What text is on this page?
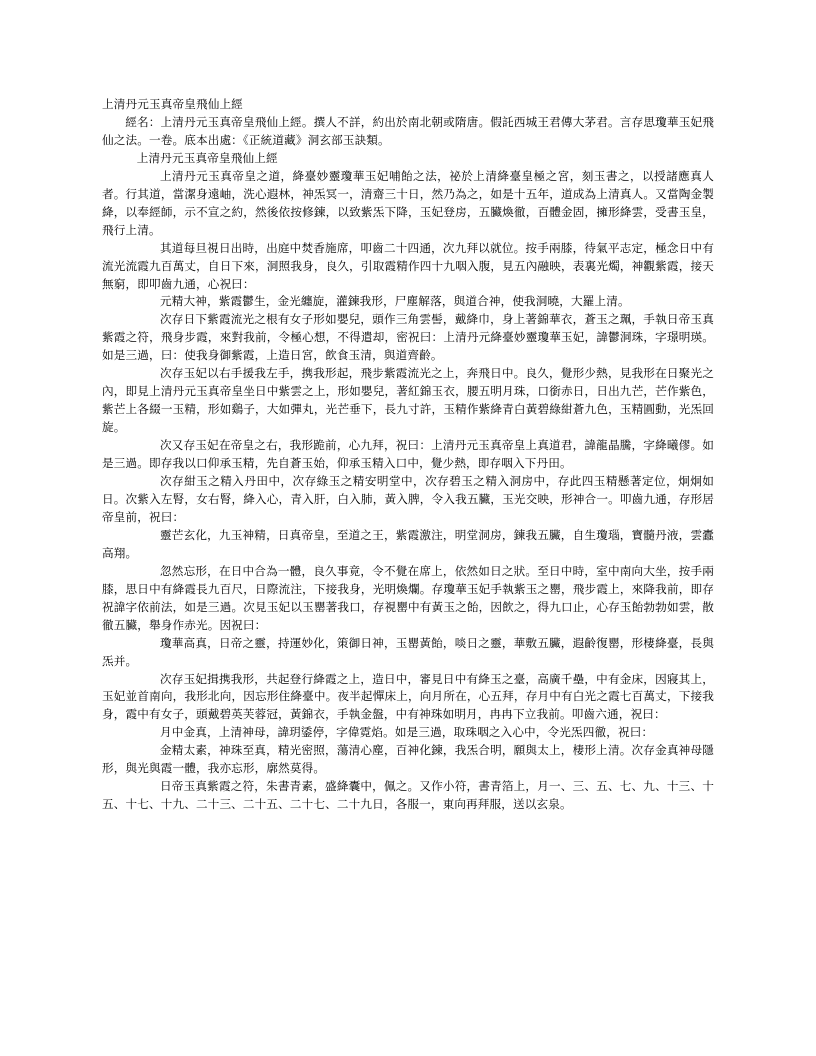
上清丹元玉真帝皇飛仙上經

經名：上清丹元玉真帝皇飛仙上經。撰人不詳，約出於南北朝或隋唐。假託西城王君傳大茅君。言存思瓊華玉妃飛仙之法。一卷。底本出處：《正統道藏》洞玄部玉訣類。

上清丹元玉真帝皇飛仙上經

上清丹元玉真帝皇之道，絳臺妙靈瓊華玉妃哺飴之法，祕於上清絳臺皇極之宮，刻玉書之，以授諸應真人者。行其道，當潔身遠岫，洗心遐林，神炁冥一，清齋三十日，然乃為之，如是十五年，道成為上清真人。又當陶金製絳，以奉經師，示不宣之約，然後依按修鍊，以致紫炁下降，玉妃登房，五臟煥徹，百體金固，擁形絳雲，受書玉皇，飛行上清。

其道每旦視日出時，出庭中焚香施席，叩齒二十四通，次九拜以就位。按手兩膝，待氣平志定，極念日中有流光流霞九百萬丈，自日下來，洞照我身，良久，引取霞精作四十九咽入腹，見五內融映，表裏光燭，神觀紫霞，接天無窮，即叩齒九通，心祝曰：

元精大神，紫霞鬱生，金光纏旋，灌鍊我形，尸塵解落，與道合神，使我洞曉，大羅上清。

次存日下紫霞流光之根有女子形如嬰兒，頭作三角雲髻，戴絳巾，身上著錦華衣，蒼玉之珮，手執日帝玉真紫霞之符，飛身步霞，來對我前，令極心想，不得遣却，密祝曰：上清丹元絳臺妙靈瓊華玉妃，諱鬱洞珠，字璟明瑛。如是三過，曰：使我身御紫霞，上造日宮，飲食玉清，與道齊齡。

次存玉妃以右手援我左手，携我形起，飛步紫霞流光之上，奔飛日中。良久，覺形少熱，見我形在日聚光之內，即見上清丹元玉真帝皇坐日中紫雲之上，形如嬰兒，著紅錦玉衣，腰五明月珠，口銜赤日，日出九芒，芒作紫色，紫芒上各綴一玉精，形如鷄子，大如彈丸，光芒垂下，長九寸許，玉精作紫絳青白黃碧綠紺蒼九色，玉精圓動，光炁回旋。

次又存玉妃在帝皇之右，我形跪前，心九拜，祝曰：上清丹元玉真帝皇上真道君，諱龍晶騰，字絳曦僇。如是三過。即存我以口仰承玉精，先自蒼玉始，仰承玉精入口中，覺少熱，即存咽入下丹田。

次存紺玉之精入丹田中，次存綠玉之精安明堂中，次存碧玉之精入洞房中，存此四玉精懸著定位，炯炯如日。次紫入左腎，女右腎，絳入心，青入肝，白入肺，黃入脾，令入我五臟，玉光交映，形神合一。叩齒九通，存形居帝皇前，祝曰：

靈芒玄化，九玉神精，日真帝皇，至道之王，紫霞激注，明堂洞房，鍊我五臟，自生瓊瑙，寶髓丹液，雲蠹高翔。

忽然忘形，在日中合為一體，良久事竟，令不覺在席上，依然如日之狀。至日中時，室中南向大坐，按手兩膝，思日中有絳霞長九百尺，日際流注，下接我身，光明煥爛。存瓊華玉妃手執紫玉之罌，飛步霞上，來降我前，即存祝諱字依前法，如是三過。次見玉妃以玉罌著我口，存視罌中有黃玉之飴，因飲之，得九口止，心存玉飴勃勃如雲，散徹五臟，舉身作赤光。因祝曰：

瓊華高真，日帝之靈，持運妙化，策御日神，玉罌黃飴，啖日之靈，華敷五臟，遐齡復罌，形棲絳臺，長與炁并。

次存玉妃揖携我形，共起登行絳霞之上，造日中，審見日中有絳玉之臺，高廣千壘，中有金床，因寢其上，玉妃並首南向，我形北向，因忘形住絳臺中。夜半起憚床上，向月所在，心五拜，存月中有白光之霞七百萬丈，下接我身，霞中有女子，頭戴碧英芙蓉冠，黃錦衣，手執金盤，中有神珠如明月，冉冉下立我前。叩齒六通，祝曰：

月中金真，上清神母，諱玥鋈停，字偉霓焰。如是三過，取珠咽之入心中，令光炁四徹，祝曰：

金精太素，神珠至真，精光密照，蕩清心塵，百神化鍊，我炁合明，願與太上，棲形上清。次存金真神母隱形，與光與霞一體，我亦忘形，廓然莫得。

日帝玉真紫霞之符，朱書青素，盛絳囊中，佩之。又作小符，書青箔上，月一、三、五、七、九、十三、十五、十七、十九、二十三、二十五、二十七、二十九日，各服一，東向再拜服，送以玄泉。
